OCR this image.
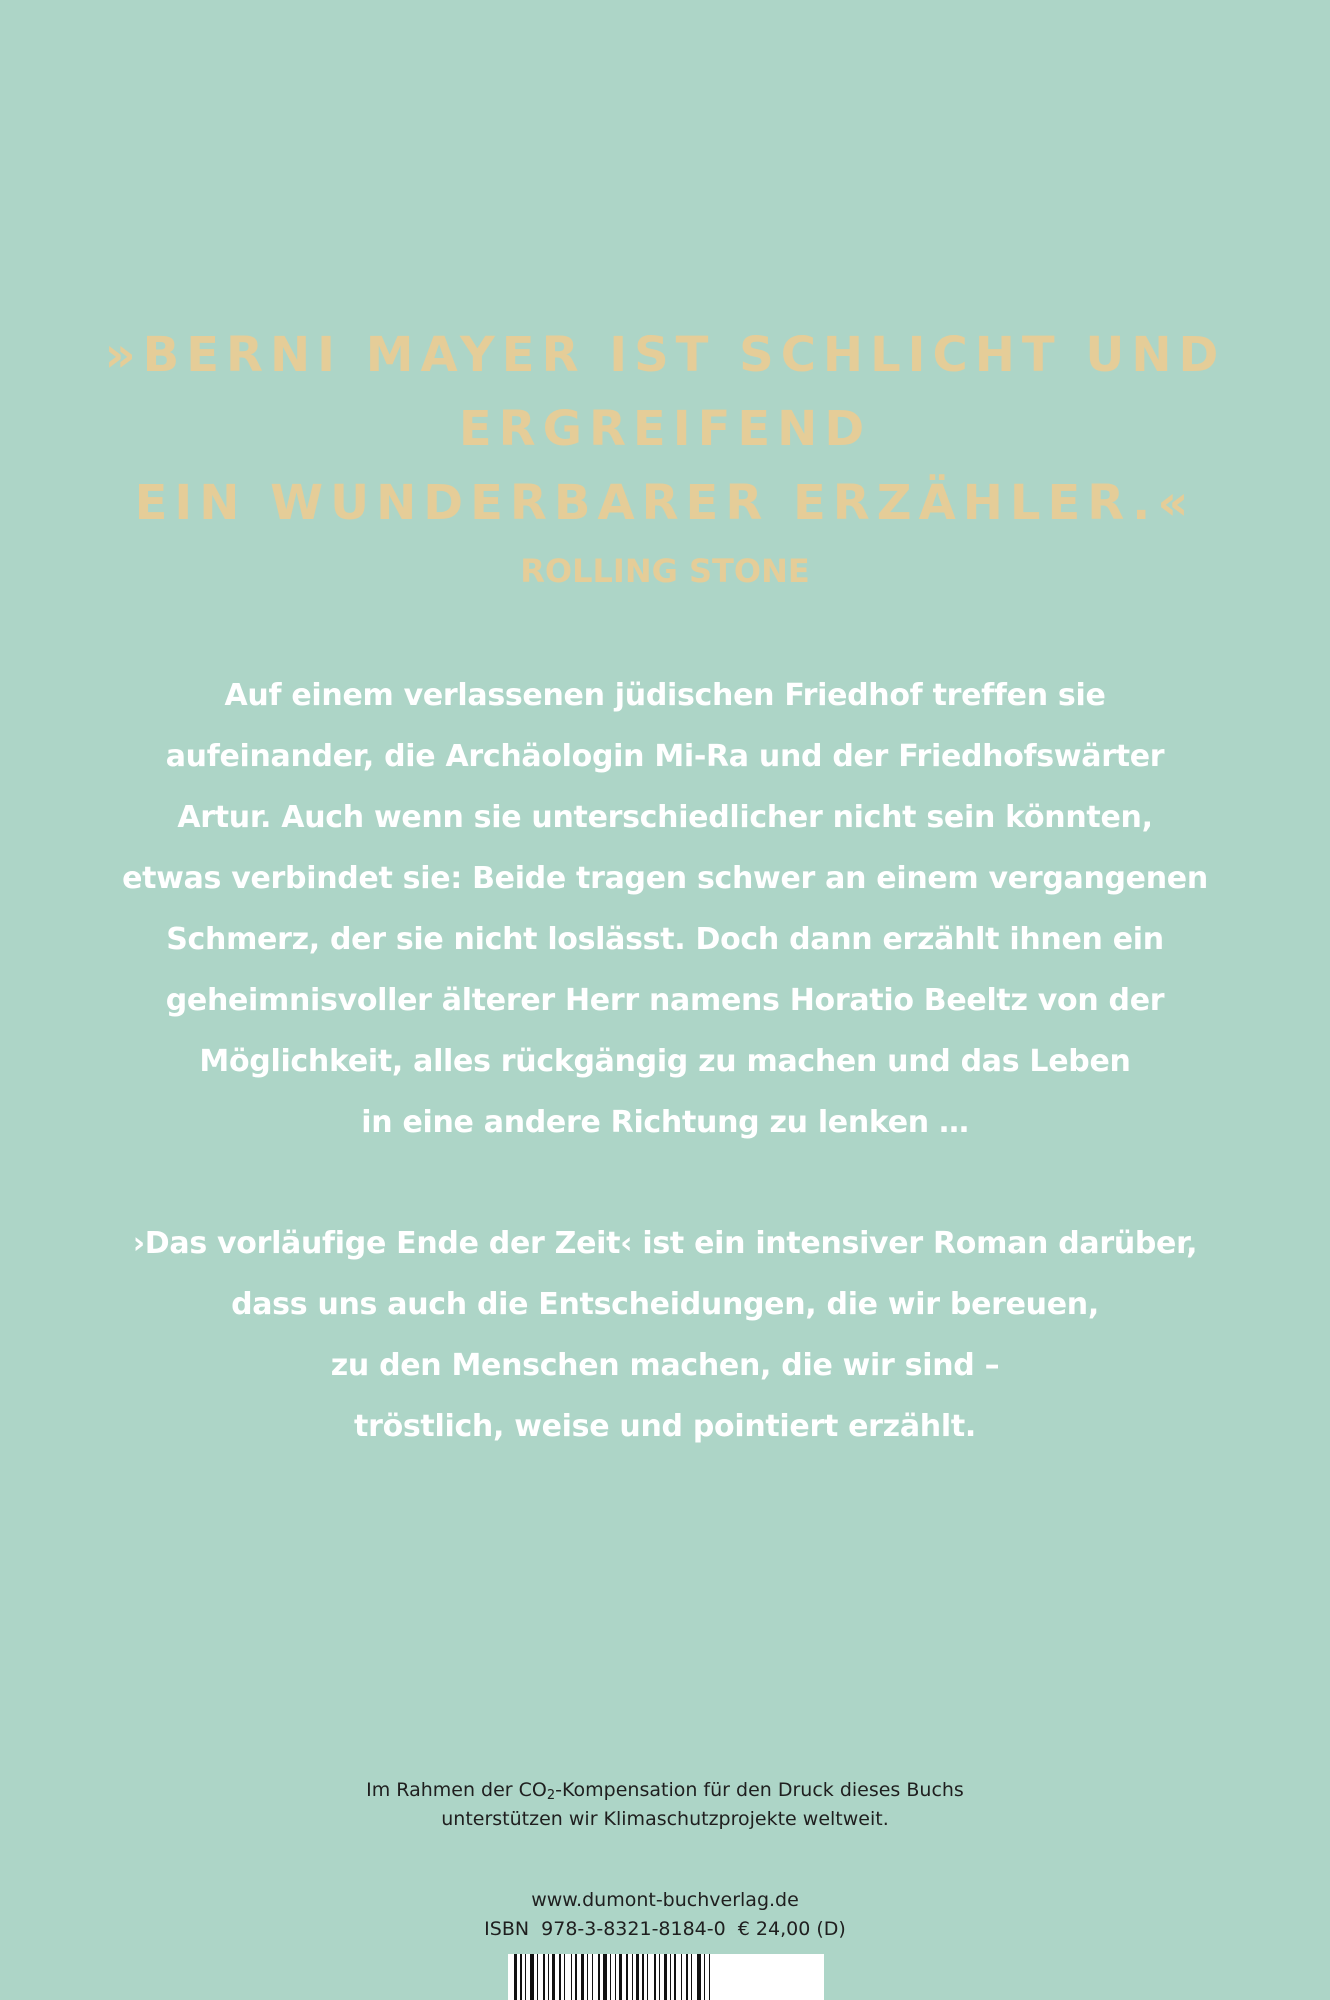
»BERNI MAYER IST SCHLICHT UND
ERGREIFEND
EIN WUNDERBARER ERZÄHLER.«
ROLLING STONE
Auf einem verlassenen jüdischen Friedhof treffen sie
aufeinander, die Archäologin Mi-Ra und der Friedhofswärter
Artur. Auch wenn sie unterschiedlicher nicht sein könnten,
etwas verbindet sie: Beide tragen schwer an einem vergangenen
Schmerz, der sie nicht loslässt. Doch dann erzählt ihnen ein
geheimnisvoller älterer Herr namens Horatio Beeltz von der
Möglichkeit, alles rückgängig zu machen und das Leben
in eine andere Richtung zu lenken …
›Das vorläufige Ende der Zeit‹ ist ein intensiver Roman darüber,
dass uns auch die Entscheidungen, die wir bereuen,
zu den Menschen machen, die wir sind –
tröstlich, weise und pointiert erzählt.
Im Rahmen der $CO_2$-Kompensation für den Druck dieses Buchs
unterstützen wir Klimaschutzprojekte weltweit.
www.dumont-buchverlag.de
ISBN  978-3-8321-8184-0  € 24,00 (D)
